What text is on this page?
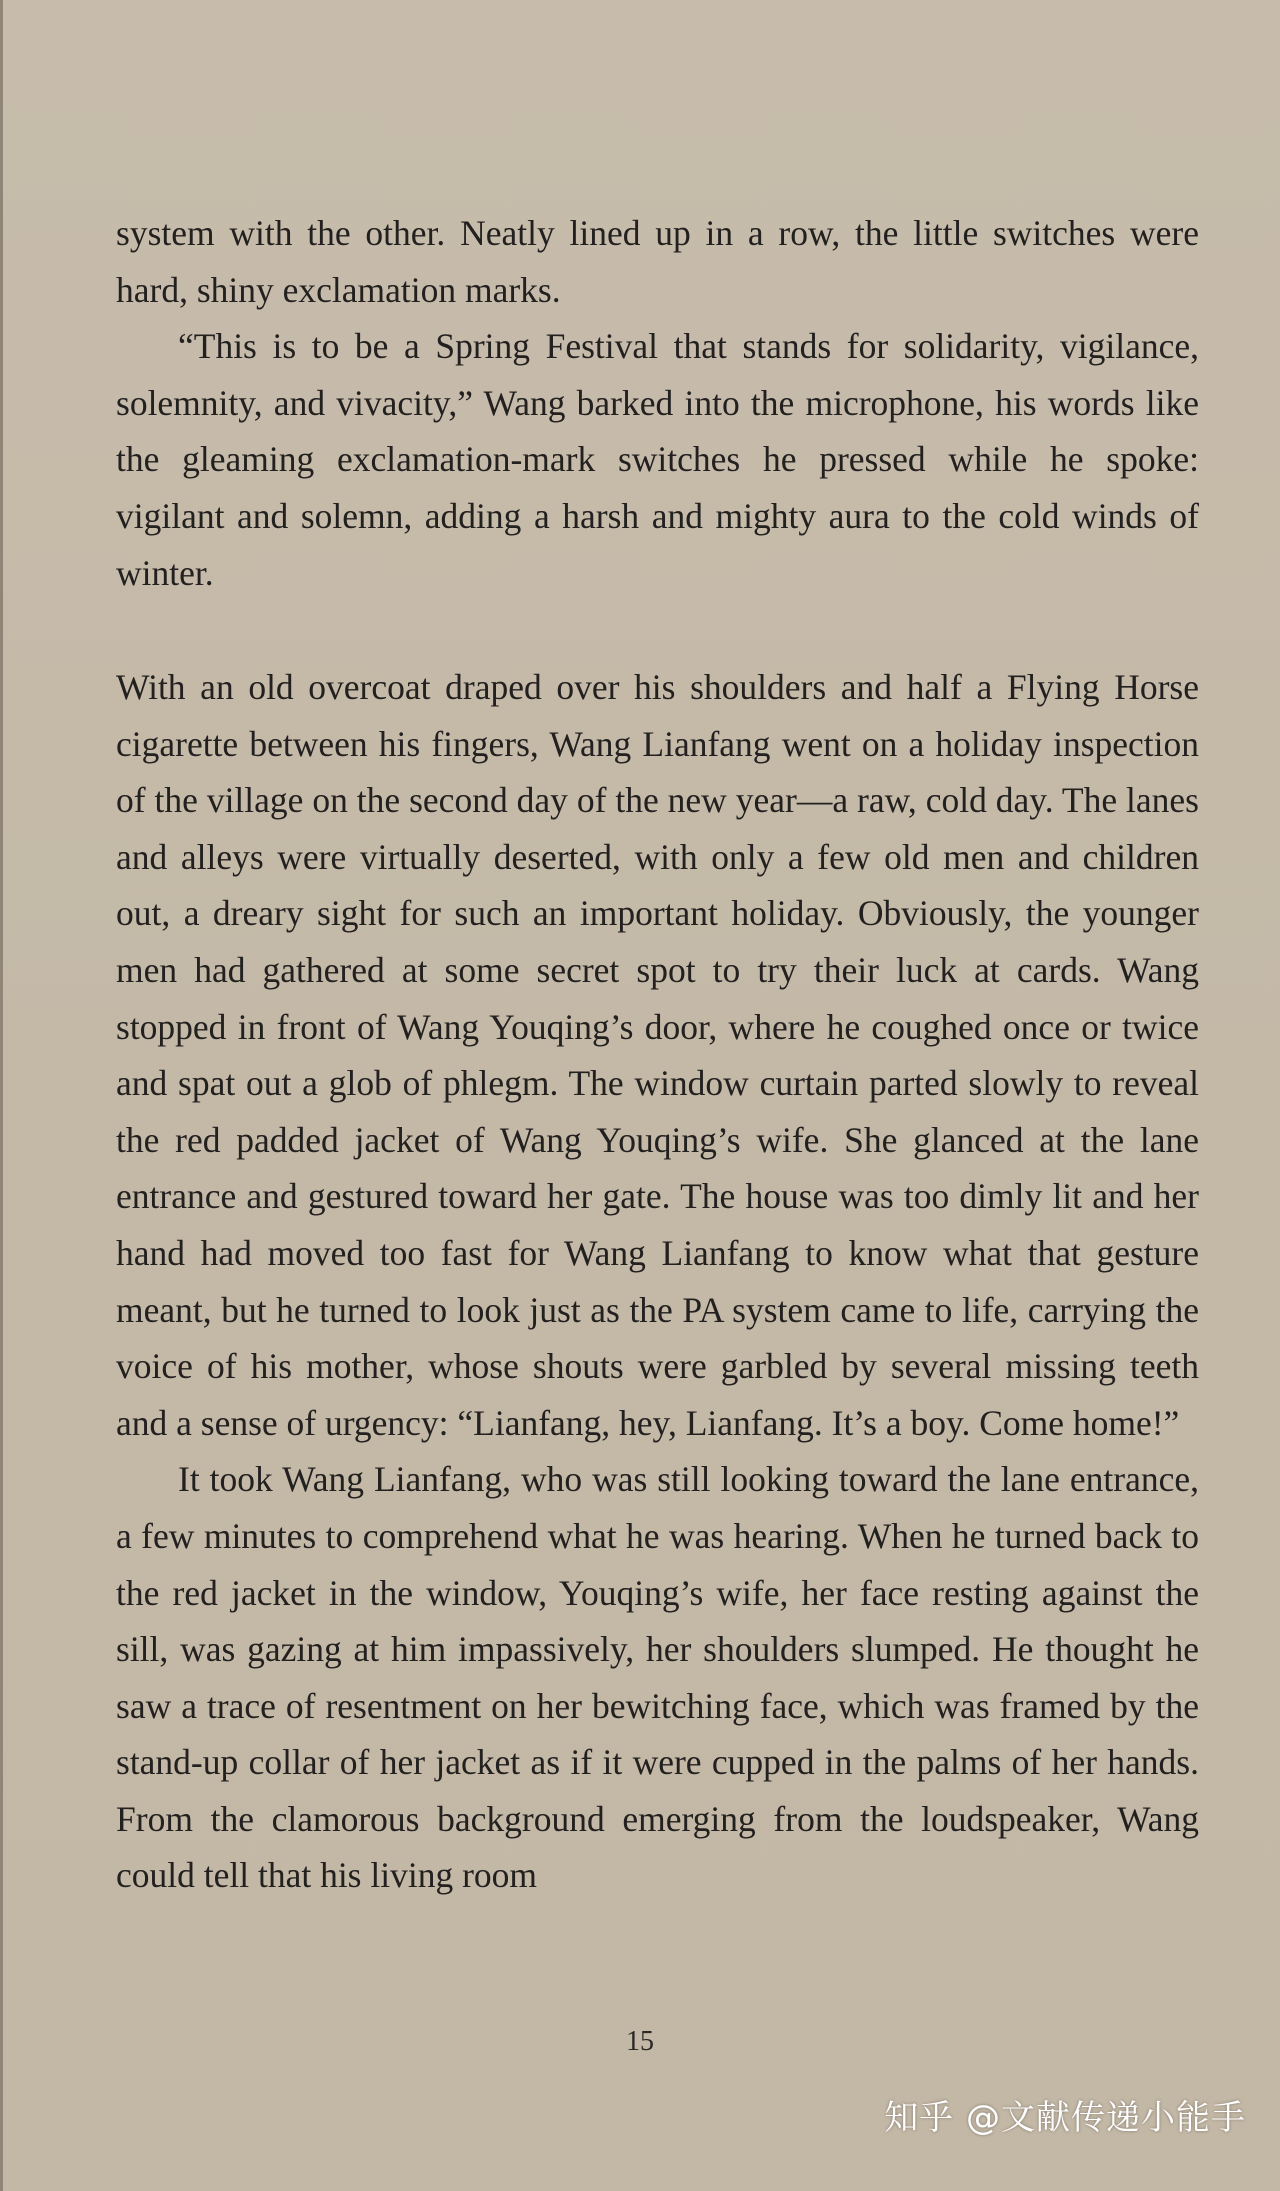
system with the other. Neatly lined up in a row, the little switches were hard, shiny exclamation marks.

“This is to be a Spring Festival that stands for solidarity, vigilance, solemnity, and vivacity,” Wang barked into the microphone, his words like the gleaming exclamation-mark switches he pressed while he spoke: vigilant and solemn, adding a harsh and mighty aura to the cold winds of winter.

With an old overcoat draped over his shoulders and half a Flying Horse cigarette between his fingers, Wang Lianfang went on a holiday inspection of the village on the second day of the new year—a raw, cold day. The lanes and alleys were virtually deserted, with only a few old men and children out, a dreary sight for such an important holiday. Obviously, the younger men had gathered at some secret spot to try their luck at cards. Wang stopped in front of Wang Youqing’s door, where he coughed once or twice and spat out a glob of phlegm. The window curtain parted slowly to reveal the red padded jacket of Wang Youqing’s wife. She glanced at the lane entrance and gestured toward her gate. The house was too dimly lit and her hand had moved too fast for Wang Lianfang to know what that gesture meant, but he turned to look just as the PA system came to life, carrying the voice of his mother, whose shouts were garbled by several missing teeth and a sense of urgency: “Lianfang, hey, Lianfang. It’s a boy. Come home!”

It took Wang Lianfang, who was still looking toward the lane entrance, a few minutes to comprehend what he was hearing. When he turned back to the red jacket in the window, Youqing’s wife, her face resting against the sill, was gazing at him impassively, her shoulders slumped. He thought he saw a trace of resentment on her bewitching face, which was framed by the stand-up collar of her jacket as if it were cupped in the palms of her hands. From the clamorous background emerging from the loudspeaker, Wang could tell that his living room

15
知乎 @文献传递小能手
